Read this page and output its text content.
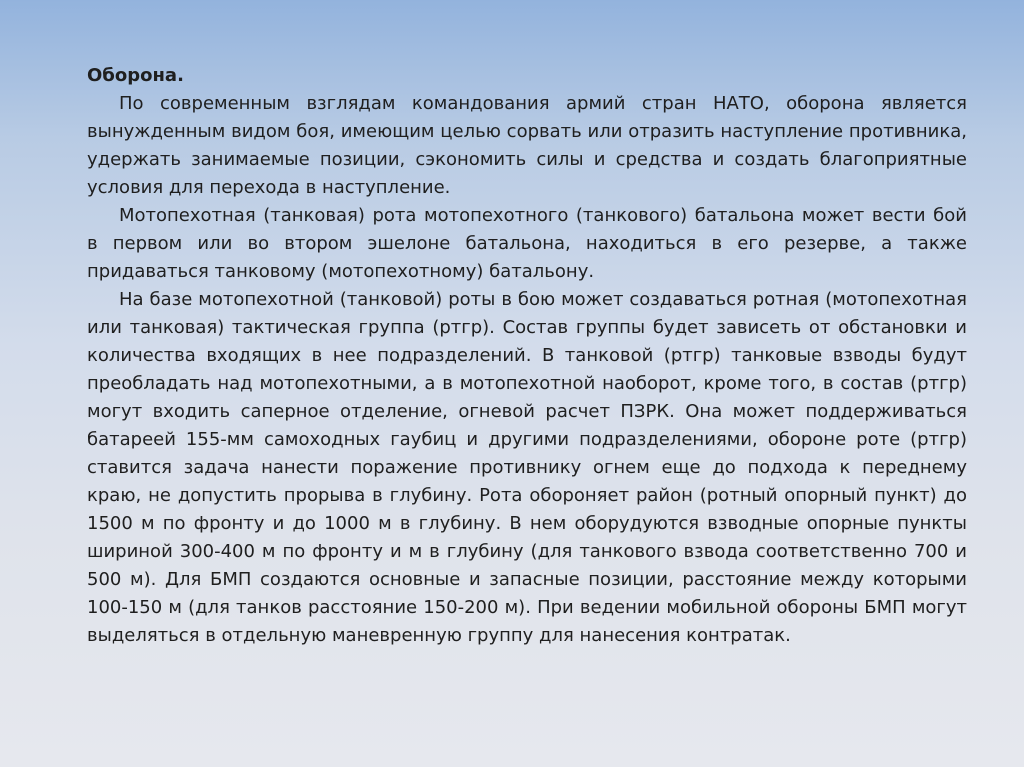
Оборона.
По современным взглядам командования армий стран НАТО, оборона является вынужденным видом боя, имеющим целью сорвать или отразить наступление противника, удержать занимаемые позиции, сэкономить силы и средства и создать благоприятные условия для перехода в наступление.
Мотопехотная (танковая) рота мотопехотного (танкового) батальона может вести бой в первом или во втором эшелоне батальона, находиться в его резерве, а также придаваться танковому (мотопехотному) батальону.
На базе мотопехотной (танковой) роты в бою может создаваться ротная (мотопехотная или танковая) тактическая группа (ртгр). Состав группы будет зависеть от обстановки и количества входящих в нее подразделений. В танковой (ртгр) танковые взводы будут преобладать над мотопехотными, а в мотопехотной наоборот, кроме того, в состав (ртгр) могут входить саперное отделение, огневой расчет ПЗРК. Она может поддерживаться батареей 155-мм самоходных гаубиц и другими подразделениями, обороне роте (ртгр) ставится задача нанести поражение противнику огнем еще до подхода к переднему краю, не допустить прорыва в глубину. Рота обороняет район (ротный опорный пункт) до 1500 м по фронту и до 1000 м в глубину. В нем оборудуются взводные опорные пункты шириной 300-400 м по фронту и м в глубину (для танкового взвода соответственно 700 и 500 м). Для БМП создаются основные и запасные позиции, расстояние между которыми 100-150 м (для танков расстояние 150-200 м). При ведении мобильной обороны БМП могут выделяться в отдельную маневренную группу для нанесения контратак.
